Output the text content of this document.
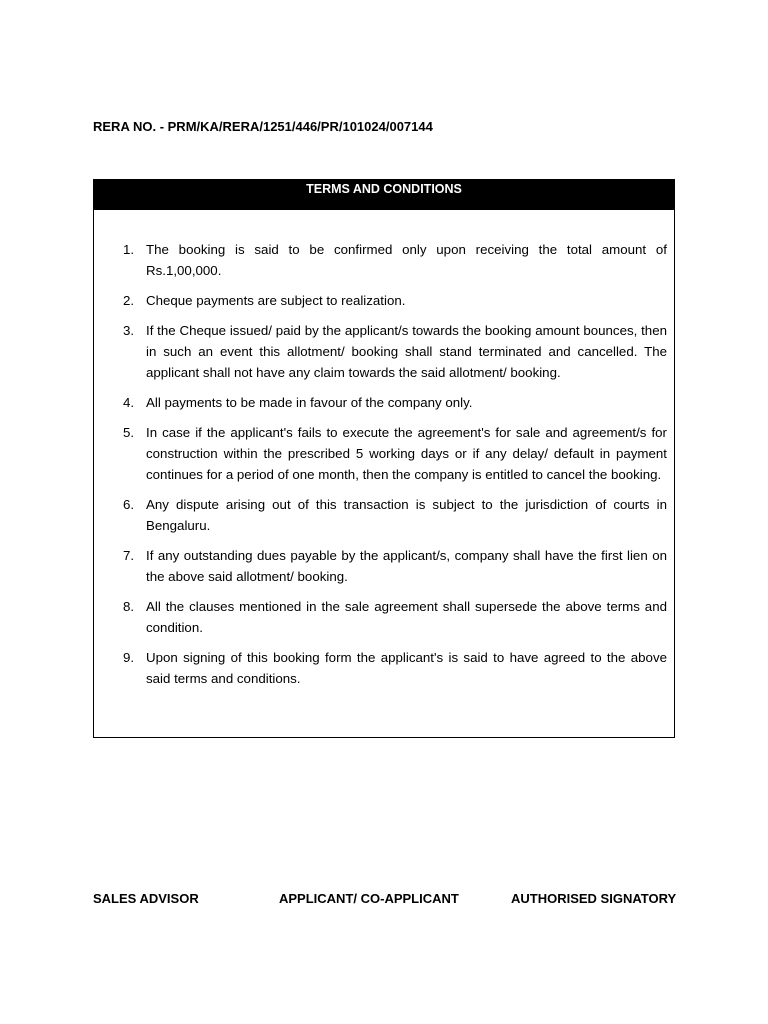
RERA NO. - PRM/KA/RERA/1251/446/PR/101024/007144
TERMS AND CONDITIONS
1. The booking is said to be confirmed only upon receiving the total amount of Rs.1,00,000.
2. Cheque payments are subject to realization.
3. If the Cheque issued/ paid by the applicant/s towards the booking amount bounces, then in such an event this allotment/ booking shall stand terminated and cancelled. The applicant shall not have any claim towards the said allotment/ booking.
4. All payments to be made in favour of the company only.
5. In case if the applicant's fails to execute the agreement's for sale and agreement/s for construction within the prescribed 5 working days or if any delay/ default in payment continues for a period of one month, then the company is entitled to cancel the booking.
6. Any dispute arising out of this transaction is subject to the jurisdiction of courts in Bengaluru.
7. If any outstanding dues payable by the applicant/s, company shall have the first lien on the above said allotment/ booking.
8. All the clauses mentioned in the sale agreement shall supersede the above terms and condition.
9. Upon signing of this booking form the applicant's is said to have agreed to the above said terms and conditions.
SALES ADVISOR	APPLICANT/ CO-APPLICANT	AUTHORISED SIGNATORY
